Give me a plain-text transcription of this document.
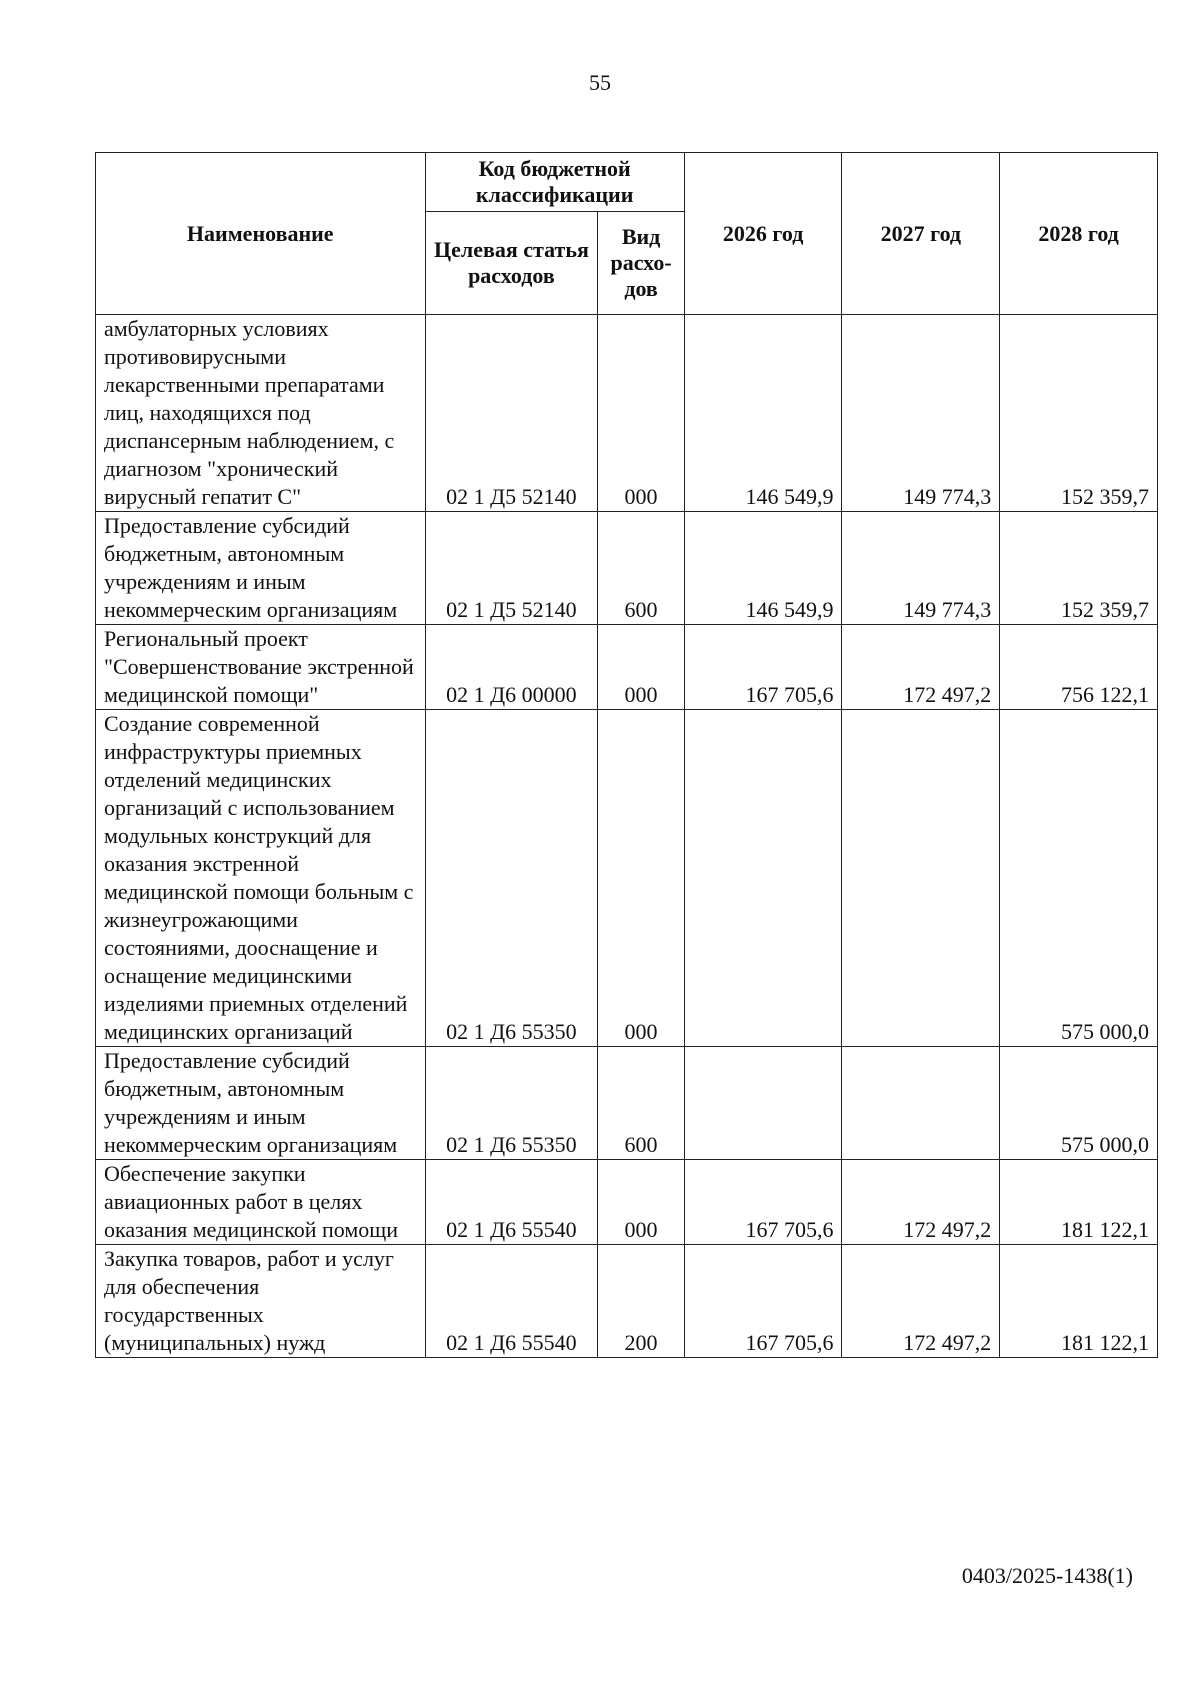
55
Наименование	Код бюджетной классификации		2026 год	2027 год	2028 год
	Целевая статья расходов	Вид расхо-дов			
амбулаторных условиях противовирусными лекарственными препаратами лиц, находящихся под диспансерным наблюдением, с диагнозом "хронический вирусный гепатит С"	02 1 Д5 52140	000	146 549,9	149 774,3	152 359,7
Предоставление субсидий бюджетным, автономным учреждениям и иным некоммерческим организациям	02 1 Д5 52140	600	146 549,9	149 774,3	152 359,7
Региональный проект "Совершенствование экстренной медицинской помощи"	02 1 Д6 00000	000	167 705,6	172 497,2	756 122,1
Создание современной инфраструктуры приемных отделений медицинских организаций с использованием модульных конструкций для оказания экстренной медицинской помощи больным с жизнеугрожающими состояниями, дооснащение и оснащение медицинскими изделиями приемных отделений медицинских организаций	02 1 Д6 55350	000			575 000,0
Предоставление субсидий бюджетным, автономным учреждениям и иным некоммерческим организациям	02 1 Д6 55350	600			575 000,0
Обеспечение закупки авиационных работ в целях оказания медицинской помощи	02 1 Д6 55540	000	167 705,6	172 497,2	181 122,1
Закупка товаров, работ и услуг для обеспечения государственных (муниципальных) нужд	02 1 Д6 55540	200	167 705,6	172 497,2	181 122,1
0403/2025-1438(1)
